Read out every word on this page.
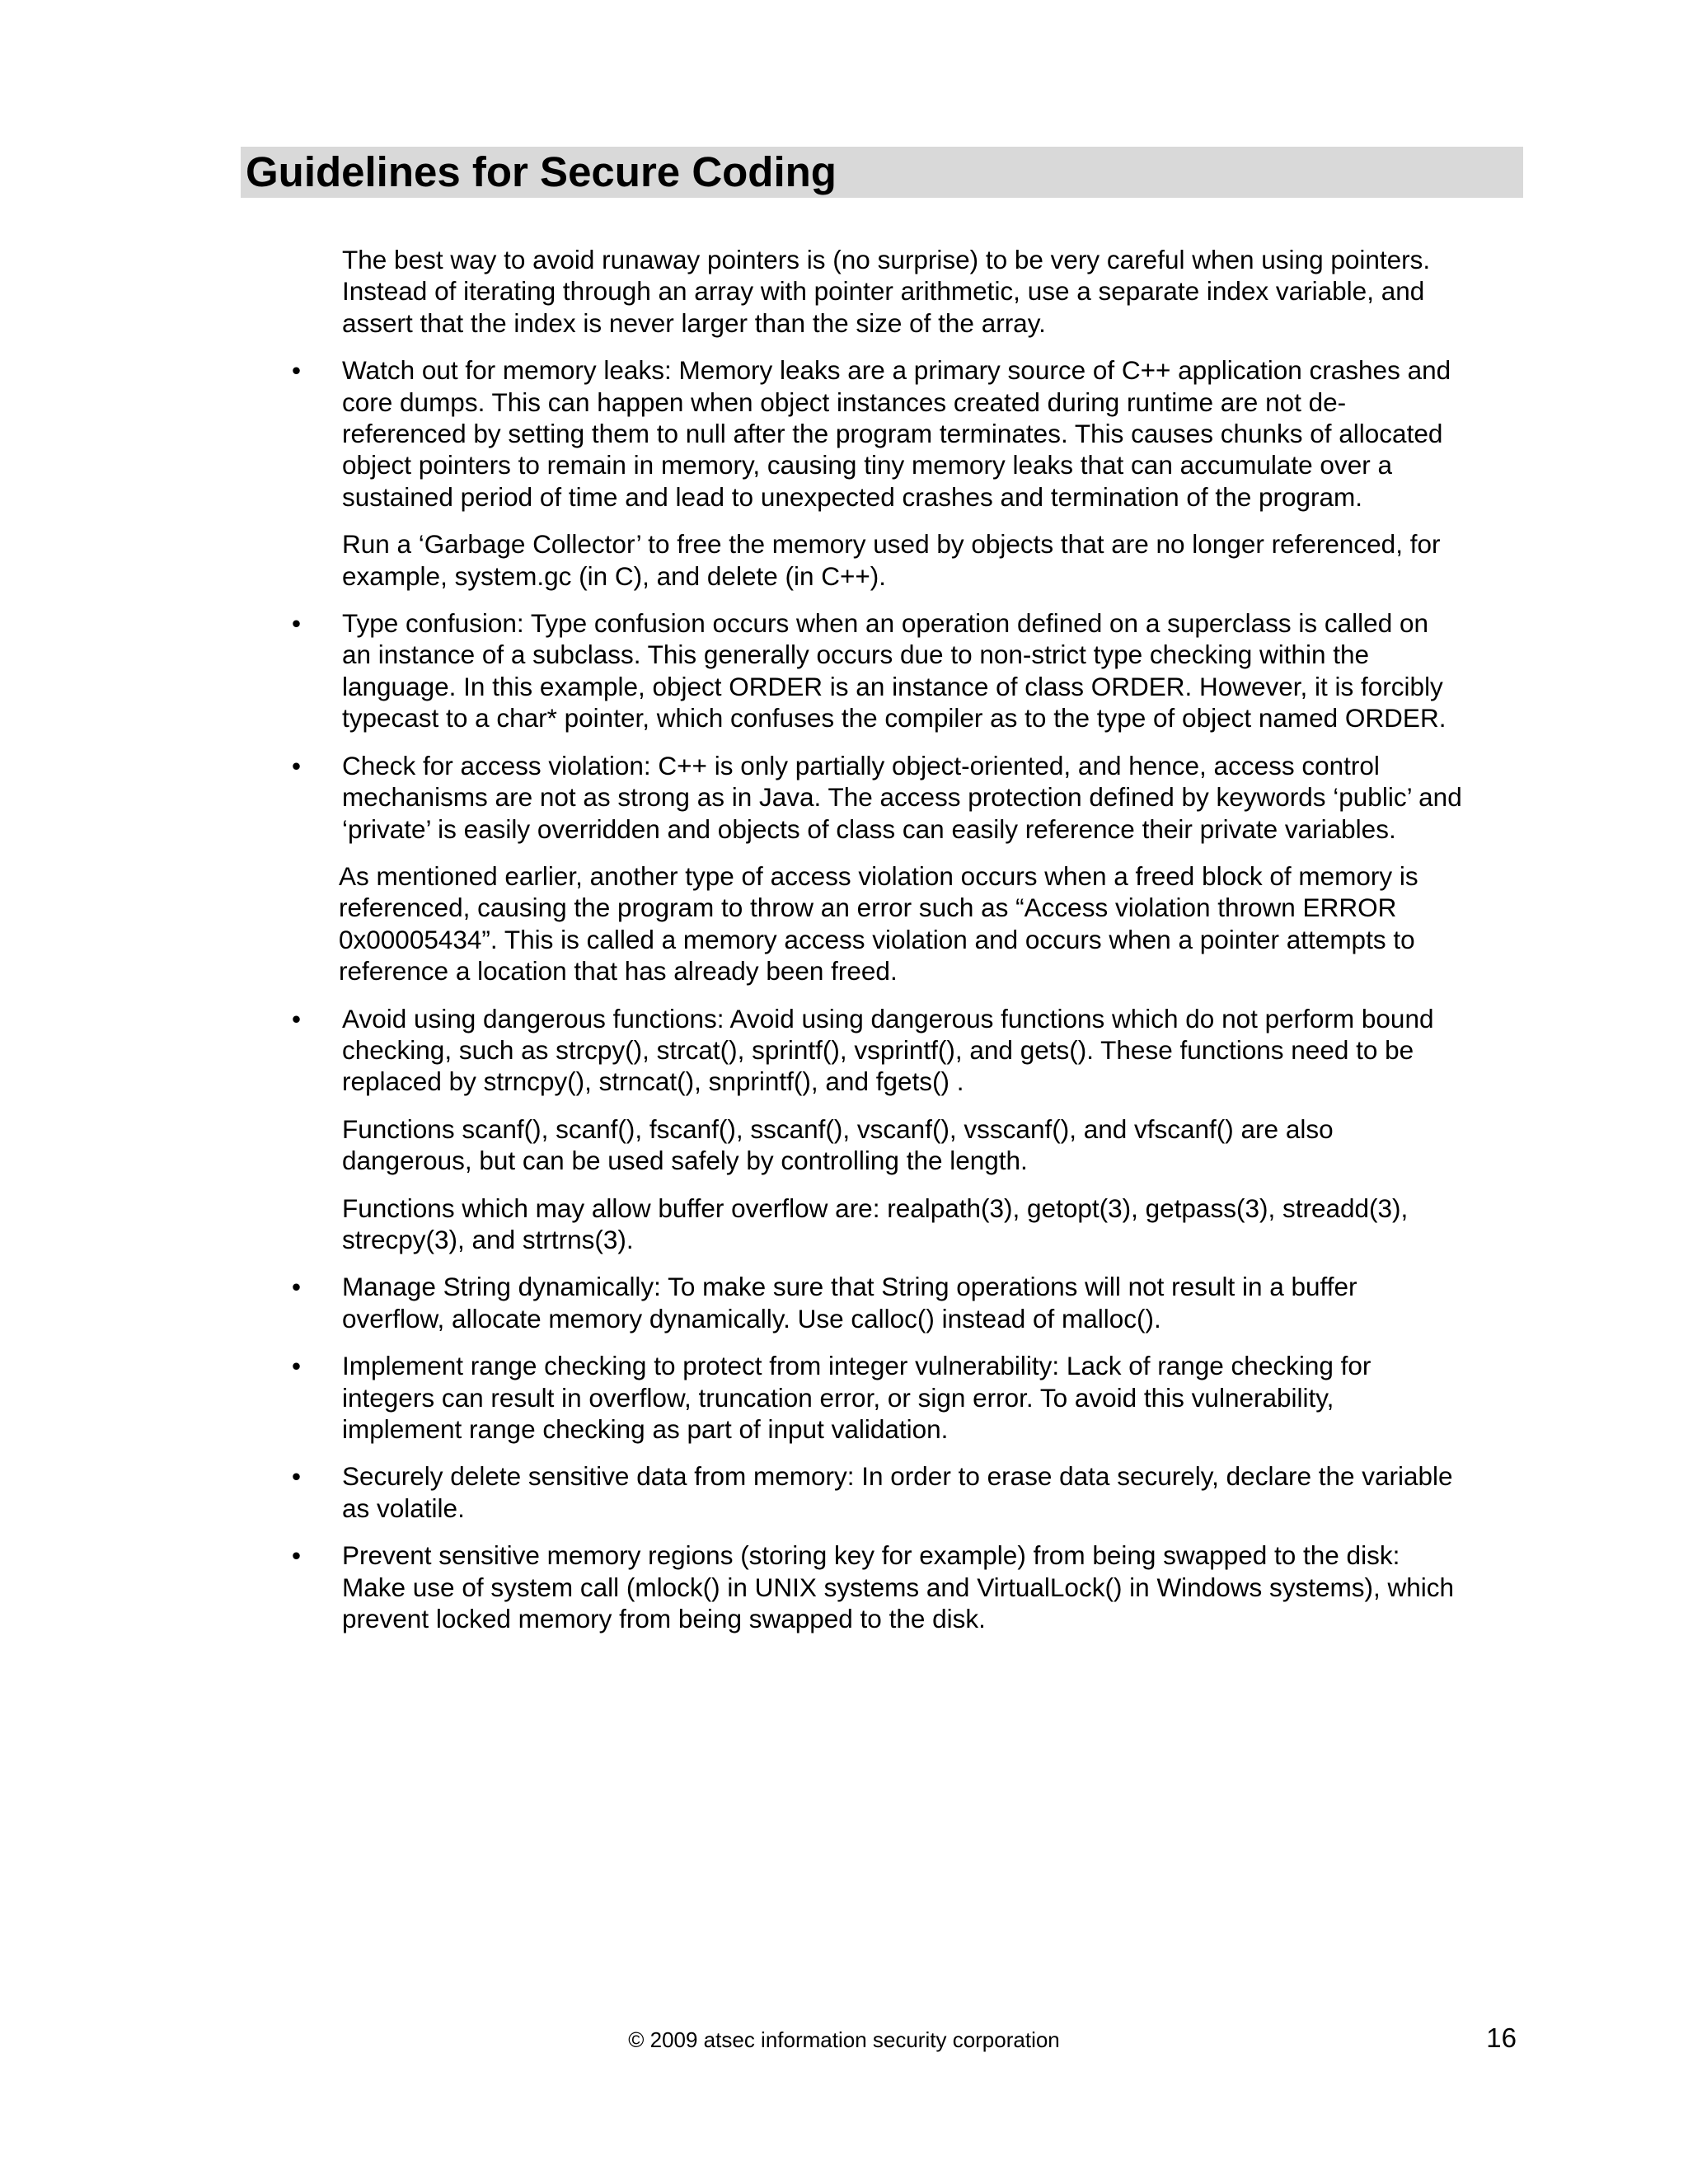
Guidelines for Secure Coding
The best way to avoid runaway pointers is (no surprise) to be very careful when using pointers.
Instead of iterating through an array with pointer arithmetic, use a separate index variable, and
assert that the index is never larger than the size of the array.
• Watch out for memory leaks: Memory leaks are a primary source of C++ application crashes and
core dumps. This can happen when object instances created during runtime are not de-
referenced by setting them to null after the program terminates. This causes chunks of allocated
object pointers to remain in memory, causing tiny memory leaks that can accumulate over a
sustained period of time and lead to unexpected crashes and termination of the program.
Run a ‘Garbage Collector’ to free the memory used by objects that are no longer referenced, for
example, system.gc (in C), and delete (in C++).
• Type confusion: Type confusion occurs when an operation defined on a superclass is called on
an instance of a subclass. This generally occurs due to non-strict type checking within the
language. In this example, object ORDER is an instance of class ORDER. However, it is forcibly
typecast to a char* pointer, which confuses the compiler as to the type of object named ORDER.
• Check for access violation: C++ is only partially object-oriented, and hence, access control
mechanisms are not as strong as in Java. The access protection defined by keywords ‘public’ and
‘private’ is easily overridden and objects of class can easily reference their private variables.
As mentioned earlier, another type of access violation occurs when a freed block of memory is
referenced, causing the program to throw an error such as “Access violation thrown ERROR
0x00005434”. This is called a memory access violation and occurs when a pointer attempts to
reference a location that has already been freed.
• Avoid using dangerous functions: Avoid using dangerous functions which do not perform bound
checking, such as strcpy(), strcat(), sprintf(), vsprintf(), and gets(). These functions need to be
replaced by strncpy(), strncat(), snprintf(), and fgets() .
Functions scanf(), scanf(), fscanf(), sscanf(), vscanf(), vsscanf(), and vfscanf() are also
dangerous, but can be used safely by controlling the length.
Functions which may allow buffer overflow are: realpath(3), getopt(3), getpass(3), streadd(3),
strecpy(3), and strtrns(3).
• Manage String dynamically: To make sure that String operations will not result in a buffer
overflow, allocate memory dynamically. Use calloc() instead of malloc().
• Implement range checking to protect from integer vulnerability: Lack of range checking for
integers can result in overflow, truncation error, or sign error. To avoid this vulnerability,
implement range checking as part of input validation.
• Securely delete sensitive data from memory: In order to erase data securely, declare the variable
as volatile.
• Prevent sensitive memory regions (storing key for example) from being swapped to the disk:
Make use of system call (mlock() in UNIX systems and VirtualLock() in Windows systems), which
prevent locked memory from being swapped to the disk.
© 2009 atsec information security corporation	16
